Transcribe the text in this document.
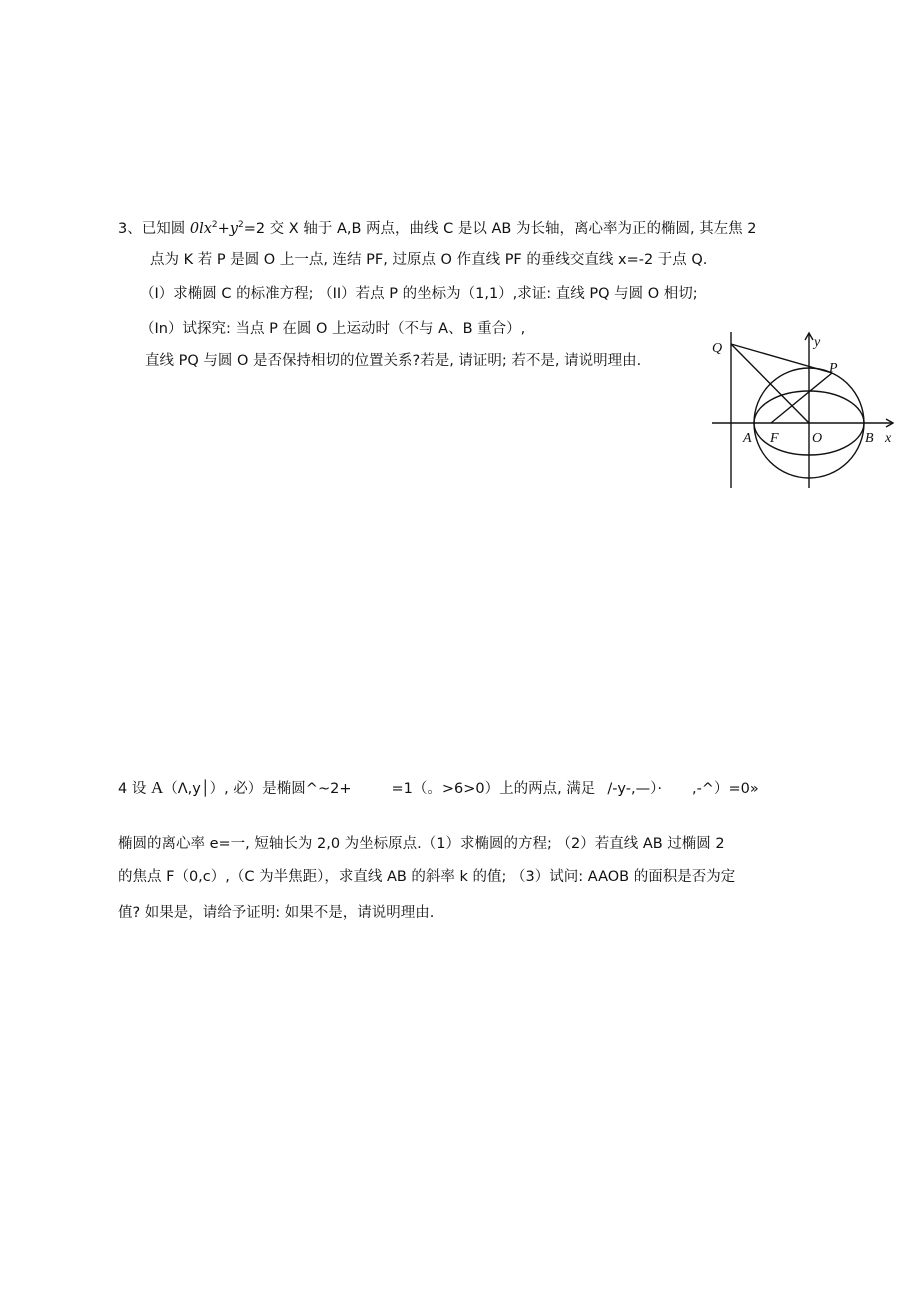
3、已知圆 $0lx^2+y^2=2$ 交 X 轴于 A,B 两点，曲线 C 是以 AB 为长轴，离心率为正的椭圆, 其左焦 2
点为 K 若 P 是圆 O 上一点, 连结 PF, 过原点 O 作直线 PF 的垂线交直线 x=-2 于点 Q.
（I）求椭圆 C 的标准方程; （II）若点 P 的坐标为（1,1）,求证: 直线 PQ 与圆 O 相切;
（In）试探究: 当点 P 在圆 O 上运动时（不与 A、B 重合）,
直线 PQ 与圆 O 是否保持相切的位置关系?若是, 请证明; 若不是, 请说明理由.
Q
P
y
A F O	B x
4 设 A（Λ,y│）, 必）是椭圆^~2+	=1（。>6>0）上的两点, 满足 /-y-,—）· ,-^）=0»
椭圆的离心率 e=一, 短轴长为 2,0 为坐标原点.（1）求椭圆的方程; （2）若直线 AB 过椭圆 2
的焦点 F（0,c）,（C 为半焦距），求直线 AB 的斜率 k 的值; （3）试问: AAOB 的面积是否为定
值? 如果是，请给予证明: 如果不是，请说明理由.
